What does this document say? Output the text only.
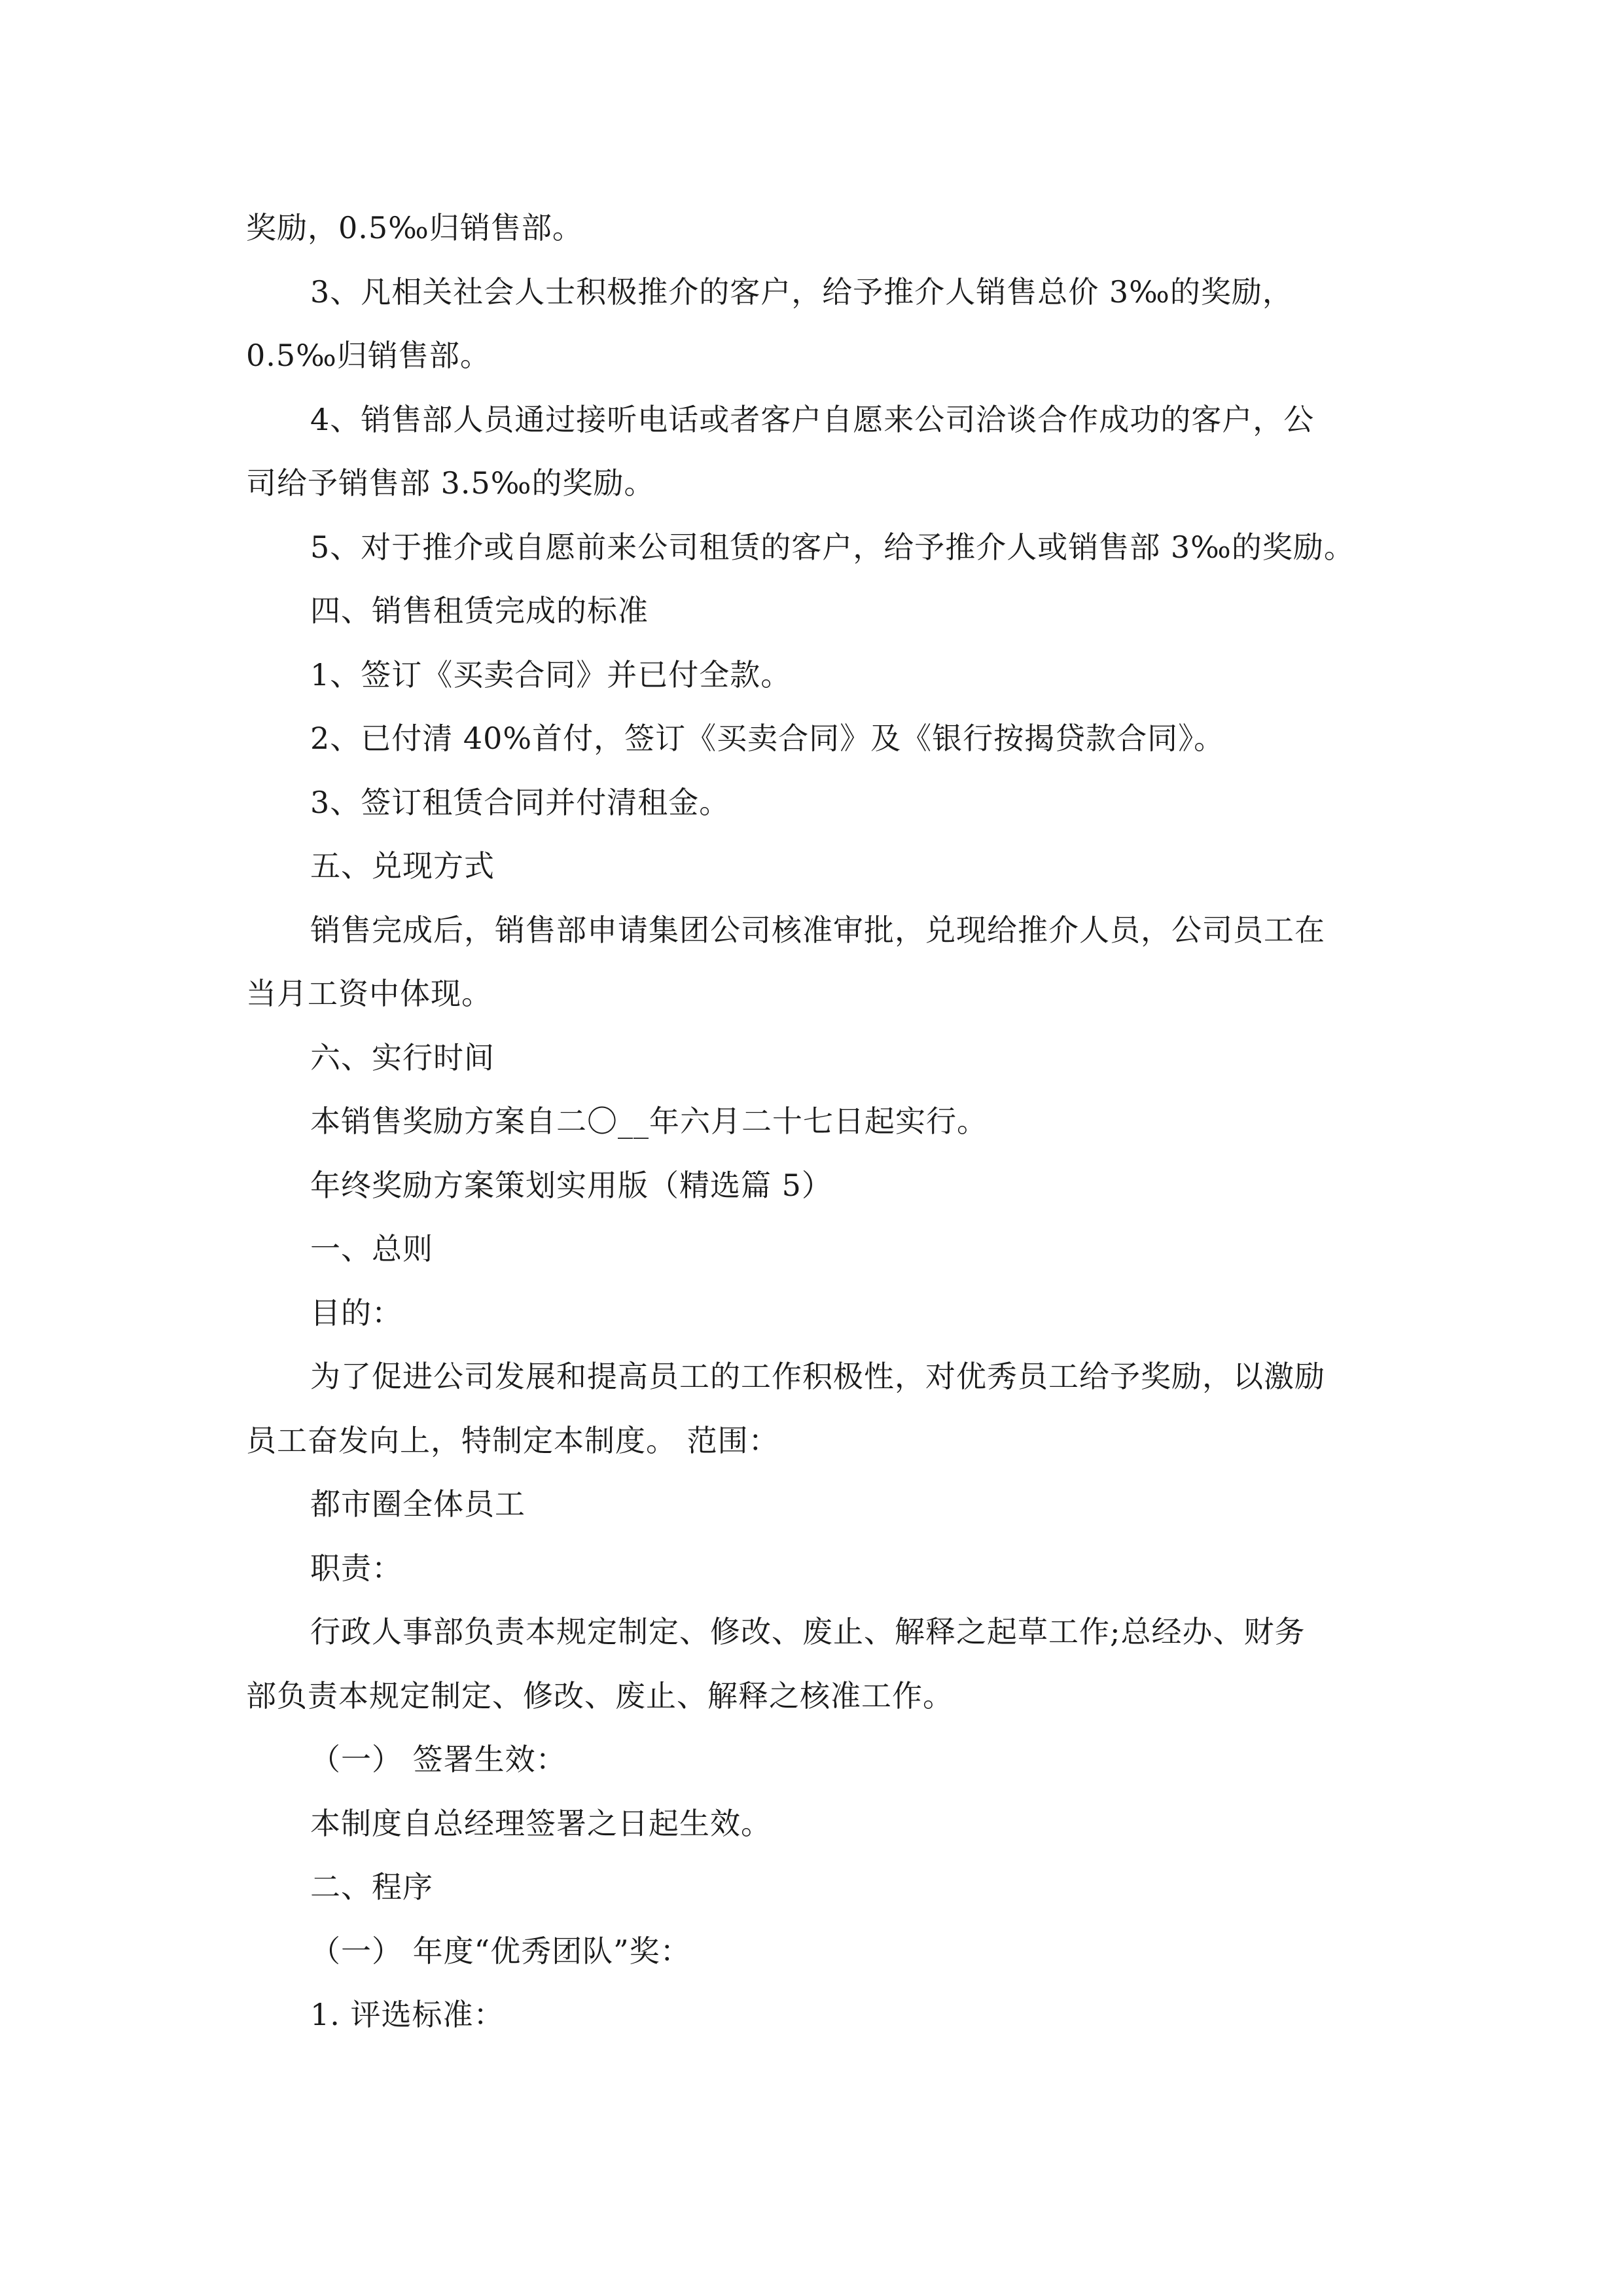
奖励，0.5‰归销售部。
3、凡相关社会人士积极推介的客户，给予推介人销售总价 3‰的奖励，
0.5‰归销售部。
4、销售部人员通过接听电话或者客户自愿来公司洽谈合作成功的客户，公
司给予销售部 3.5‰的奖励。
5、对于推介或自愿前来公司租赁的客户，给予推介人或销售部 3‰的奖励。
四、销售租赁完成的标准
1、签订《买卖合同》并已付全款。
2、已付清 40%首付，签订《买卖合同》及《银行按揭贷款合同》。
3、签订租赁合同并付清租金。
五、兑现方式
销售完成后，销售部申请集团公司核准审批，兑现给推介人员，公司员工在
当月工资中体现。
六、实行时间
本销售奖励方案自二〇__年六月二十七日起实行。
年终奖励方案策划实用版（精选篇 5）
一、总则
目的：
为了促进公司发展和提高员工的工作积极性，对优秀员工给予奖励，以激励
员工奋发向上，特制定本制度。 范围：
都市圈全体员工
职责：
行政人事部负责本规定制定、修改、废止、解释之起草工作;总经办、财务
部负责本规定制定、修改、废止、解释之核准工作。
（一） 签署生效：
本制度自总经理签署之日起生效。
二、程序
（一） 年度“优秀团队”奖：
1. 评选标准：
